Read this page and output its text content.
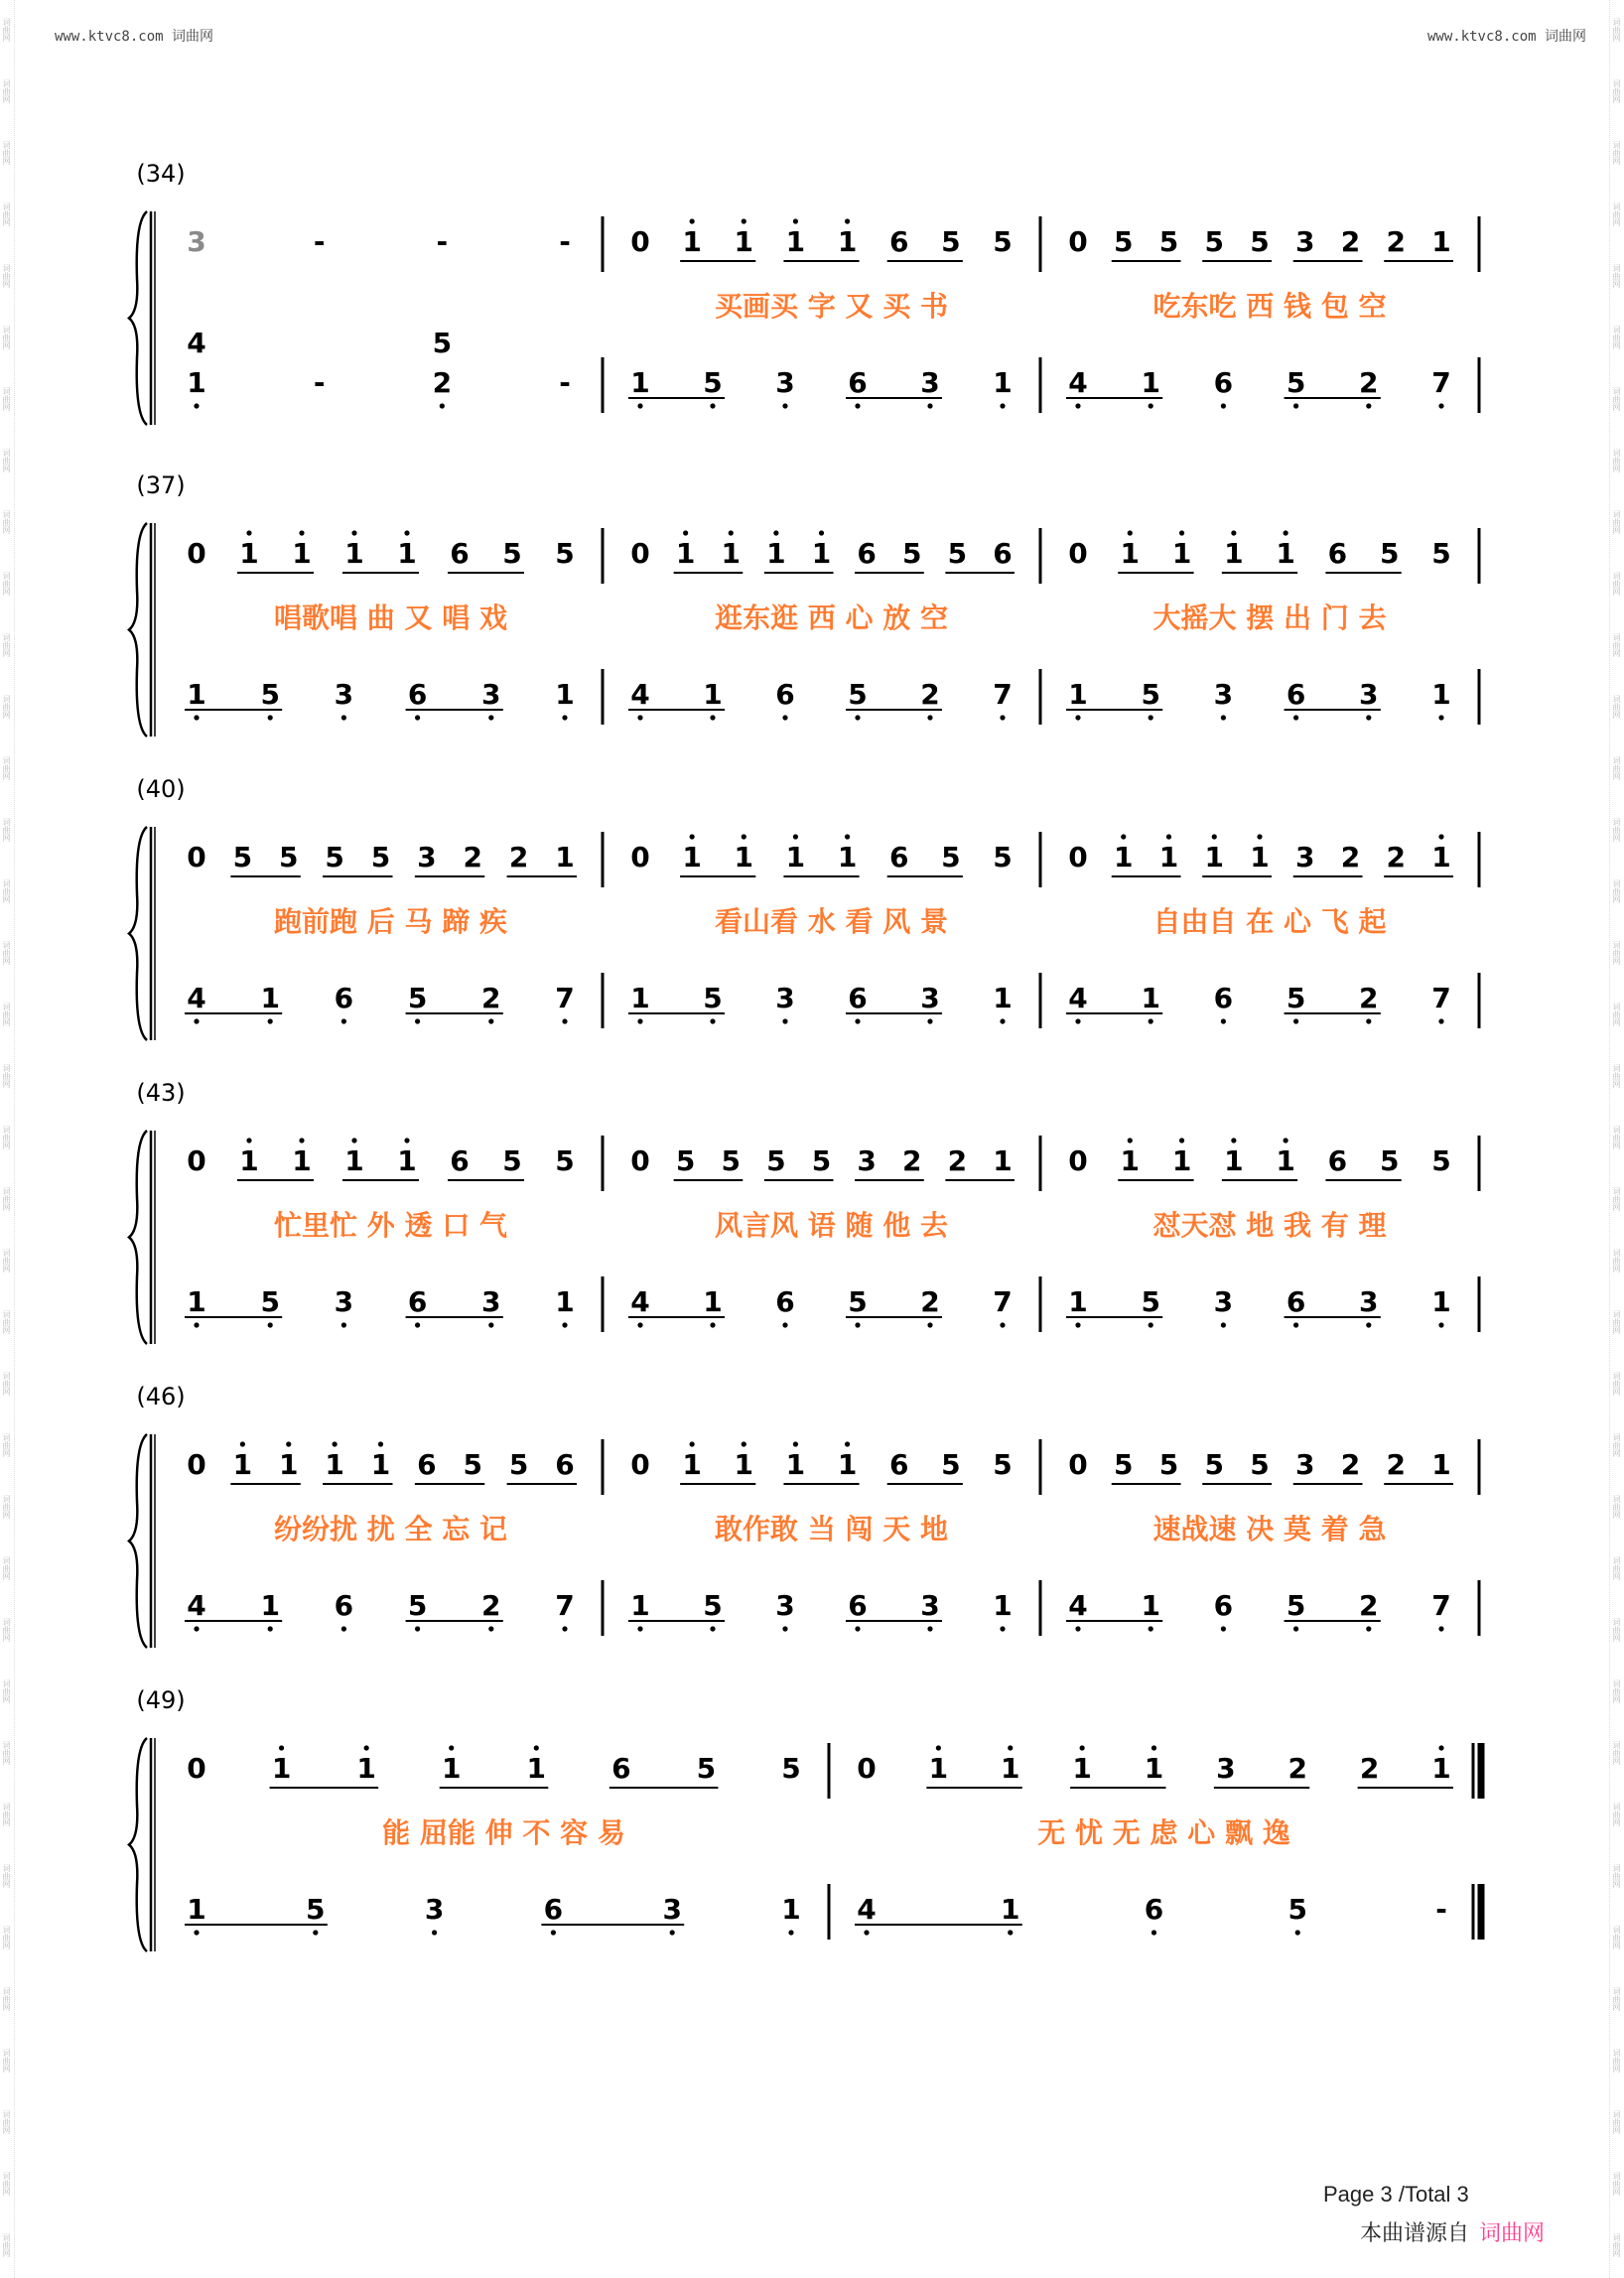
www.ktvc8.com 词曲网	www.ktvc8.com 词曲网
词曲网
词曲网
词曲网
词曲网
词曲网
词曲网
词曲网
词曲网
词曲网
词曲网
词曲网
词曲网
词曲网
词曲网
词曲网
词曲网
词曲网
词曲网
词曲网
词曲网
词曲网
词曲网
词曲网
词曲网
词曲网
词曲网
词曲网
词曲网
词曲网
词曲网
词曲网
词曲网
词曲网
词曲网
词曲网
词曲网
词曲网
词曲网
词曲网
词曲网
词曲网
词曲网
词曲网
词曲网
词曲网
词曲网
词曲网
词曲网
词曲网
词曲网
词曲网
词曲网
词曲网
词曲网
词曲网
词曲网
词曲网
词曲网
词曲网
词曲网
词曲网
词曲网
词曲网
词曲网
词曲网
词曲网
词曲网
词曲网
词曲网
词曲网
词曲网
词曲网
词曲网
词曲网
(34)
3	-	-	-
4	5
1	-	2	-
0 1 1 1 1 6 5 5
买画买 字 又 买 书
1 5 3 6 3 1
0 5 5 5 5 3 2 2 1
吃东吃 西 钱 包 空
4 1 6 5 2 7
(37)
0 1 1 1 1 6 5 5
唱歌唱 曲 又 唱 戏
1 5 3 6 3 1
0 1 1 1 1 6 5 5 6
逛东逛 西 心 放 空
4 1 6 5 2 7
0 1 1 1 1 6 5 5
大摇大 摆 出 门 去
1 5 3 6 3 1
(40)
0 5 5 5 5 3 2 2 1
跑前跑 后 马 蹄 疾
4 1 6 5 2 7
0 1 1 1 1 6 5 5
看山看 水 看 风 景
1 5 3 6 3 1
0 1 1 1 1 3 2 2 1
自由自 在 心 飞 起
4 1 6 5 2 7
(43)
0 1 1 1 1 6 5 5
忙里忙 外 透 口 气
1 5 3 6 3 1
0 5 5 5 5 3 2 2 1
风言风 语 随 他 去
4 1 6 5 2 7
0 1 1 1 1 6 5 5
怼天怼 地 我 有 理
1 5 3 6 3 1
(46)
0 1 1 1 1 6 5 5 6
纷纷扰 扰 全 忘 记
4 1 6 5 2 7
0 1 1 1 1 6 5 5
敢作敢 当 闯 天 地
1 5 3 6 3 1
0 5 5 5 5 3 2 2 1
速战速 决 莫 着 急
4 1 6 5 2 7
(49)
0 1 1 1 1 6 5 5
能 屈能 伸 不 容 易
1	5	3	6	3	1
0 1 1 1 1 3 2 2 1
无 忧 无 虑 心 飘 逸
4	1	6	5	-
Page 3 /Total 3
本曲谱源自 词曲网
